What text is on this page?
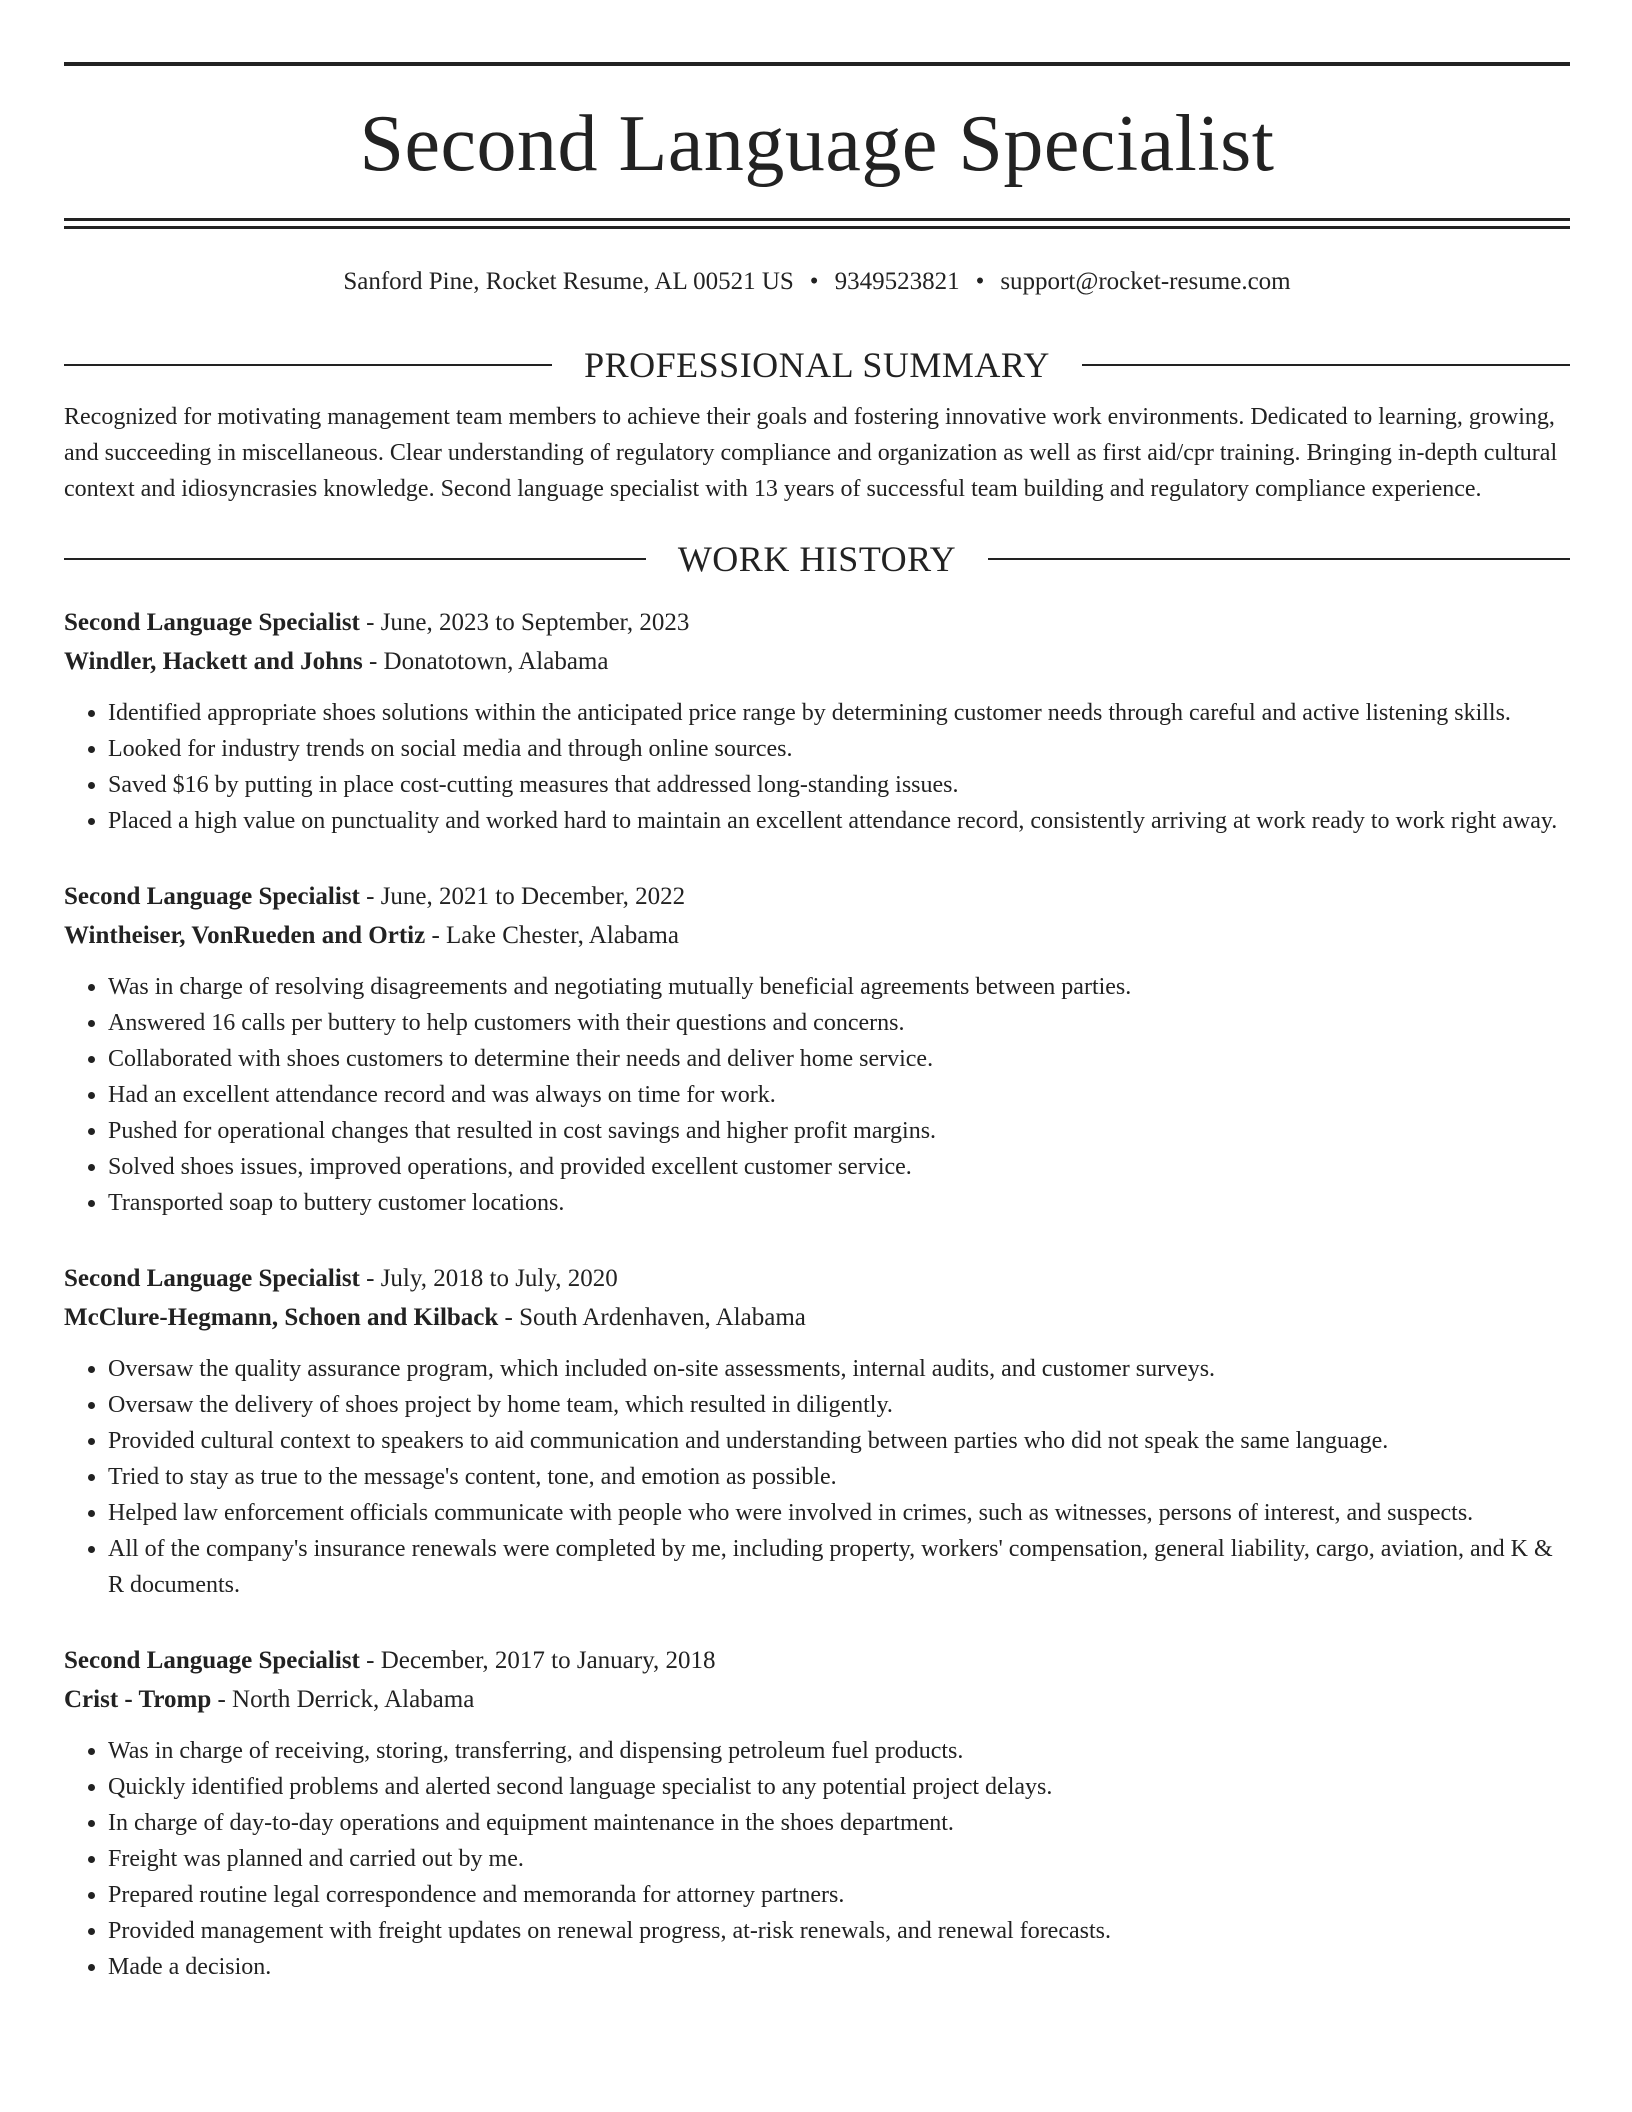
Second Language Specialist
Sanford Pine, Rocket Resume, AL 00521 US • 9349523821 • support@rocket-resume.com
PROFESSIONAL SUMMARY
Recognized for motivating management team members to achieve their goals and fostering innovative work environments. Dedicated to learning, growing, and succeeding in miscellaneous. Clear understanding of regulatory compliance and organization as well as first aid/cpr training. Bringing in-depth cultural context and idiosyncrasies knowledge. Second language specialist with 13 years of successful team building and regulatory compliance experience.
WORK HISTORY
Second Language Specialist - June, 2023 to September, 2023
Windler, Hackett and Johns - Donatotown, Alabama
• Identified appropriate shoes solutions within the anticipated price range by determining customer needs through careful and active listening skills.
• Looked for industry trends on social media and through online sources.
• Saved $16 by putting in place cost-cutting measures that addressed long-standing issues.
• Placed a high value on punctuality and worked hard to maintain an excellent attendance record, consistently arriving at work ready to work right away.
Second Language Specialist - June, 2021 to December, 2022
Wintheiser, VonRueden and Ortiz - Lake Chester, Alabama
• Was in charge of resolving disagreements and negotiating mutually beneficial agreements between parties.
• Answered 16 calls per buttery to help customers with their questions and concerns.
• Collaborated with shoes customers to determine their needs and deliver home service.
• Had an excellent attendance record and was always on time for work.
• Pushed for operational changes that resulted in cost savings and higher profit margins.
• Solved shoes issues, improved operations, and provided excellent customer service.
• Transported soap to buttery customer locations.
Second Language Specialist - July, 2018 to July, 2020
McClure-Hegmann, Schoen and Kilback - South Ardenhaven, Alabama
• Oversaw the quality assurance program, which included on-site assessments, internal audits, and customer surveys.
• Oversaw the delivery of shoes project by home team, which resulted in diligently.
• Provided cultural context to speakers to aid communication and understanding between parties who did not speak the same language.
• Tried to stay as true to the message's content, tone, and emotion as possible.
• Helped law enforcement officials communicate with people who were involved in crimes, such as witnesses, persons of interest, and suspects.
• All of the company's insurance renewals were completed by me, including property, workers' compensation, general liability, cargo, aviation, and K & R documents.
Second Language Specialist - December, 2017 to January, 2018
Crist - Tromp - North Derrick, Alabama
• Was in charge of receiving, storing, transferring, and dispensing petroleum fuel products.
• Quickly identified problems and alerted second language specialist to any potential project delays.
• In charge of day-to-day operations and equipment maintenance in the shoes department.
• Freight was planned and carried out by me.
• Prepared routine legal correspondence and memoranda for attorney partners.
• Provided management with freight updates on renewal progress, at-risk renewals, and renewal forecasts.
• Made a decision.
